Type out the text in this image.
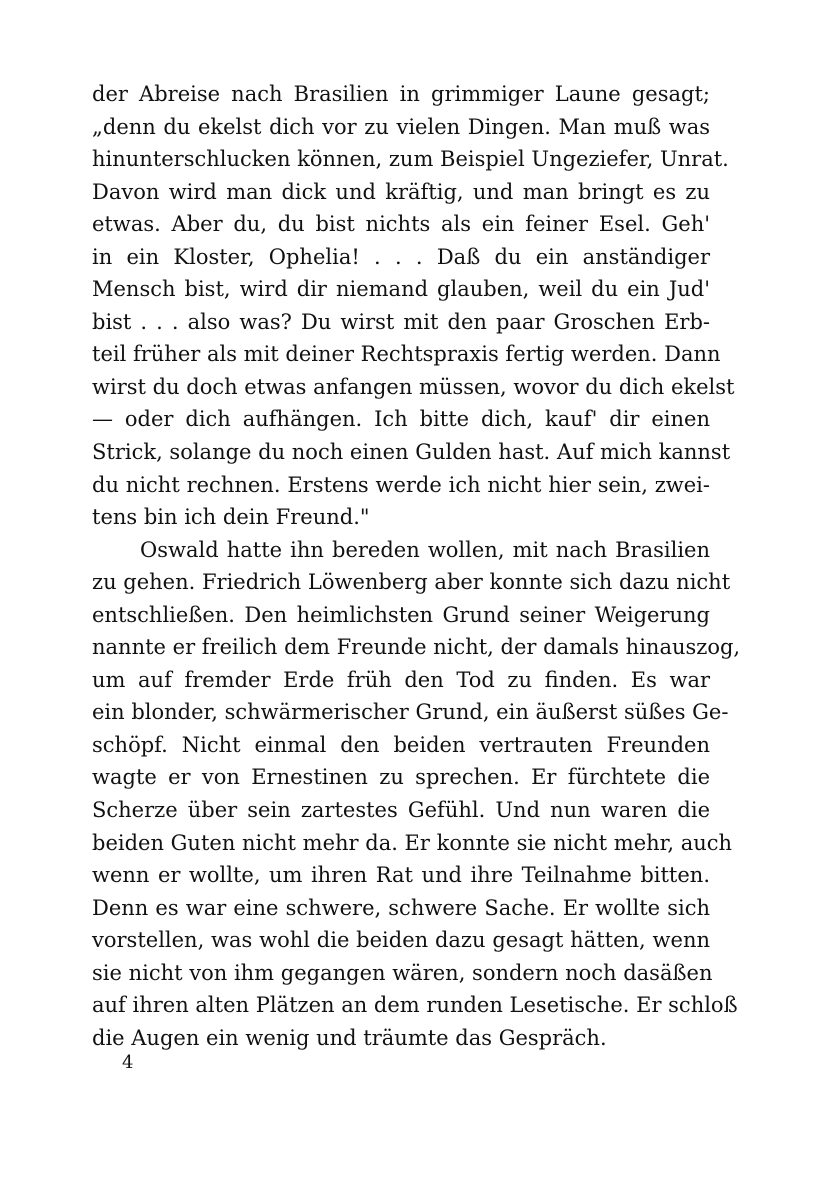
der Abreise nach Brasilien in grimmiger Laune gesagt;
„denn du ekelst dich vor zu vielen Dingen. Man muß was
hinunterschlucken können, zum Beispiel Ungeziefer, Unrat.
Davon wird man dick und kräftig, und man bringt es zu
etwas. Aber du, du bist nichts als ein feiner Esel. Geh'
in ein Kloster, Ophelia! . . . Daß du ein anständiger
Mensch bist, wird dir niemand glauben, weil du ein Jud'
bist . . . also was? Du wirst mit den paar Groschen Erb-
teil früher als mit deiner Rechtspraxis fertig werden. Dann
wirst du doch etwas anfangen müssen, wovor du dich ekelst
— oder dich aufhängen. Ich bitte dich, kauf' dir einen
Strick, solange du noch einen Gulden hast. Auf mich kannst
du nicht rechnen. Erstens werde ich nicht hier sein, zwei-
tens bin ich dein Freund."
Oswald hatte ihn bereden wollen, mit nach Brasilien
zu gehen. Friedrich Löwenberg aber konnte sich dazu nicht
entschließen. Den heimlichsten Grund seiner Weigerung
nannte er freilich dem Freunde nicht, der damals hinauszog,
um auf fremder Erde früh den Tod zu finden. Es war
ein blonder, schwärmerischer Grund, ein äußerst süßes Ge-
schöpf. Nicht einmal den beiden vertrauten Freunden
wagte er von Ernestinen zu sprechen. Er fürchtete die
Scherze über sein zartestes Gefühl. Und nun waren die
beiden Guten nicht mehr da. Er konnte sie nicht mehr, auch
wenn er wollte, um ihren Rat und ihre Teilnahme bitten.
Denn es war eine schwere, schwere Sache. Er wollte sich
vorstellen, was wohl die beiden dazu gesagt hätten, wenn
sie nicht von ihm gegangen wären, sondern noch dasäßen
auf ihren alten Plätzen an dem runden Lesetische. Er schloß
die Augen ein wenig und träumte das Gespräch.
4
